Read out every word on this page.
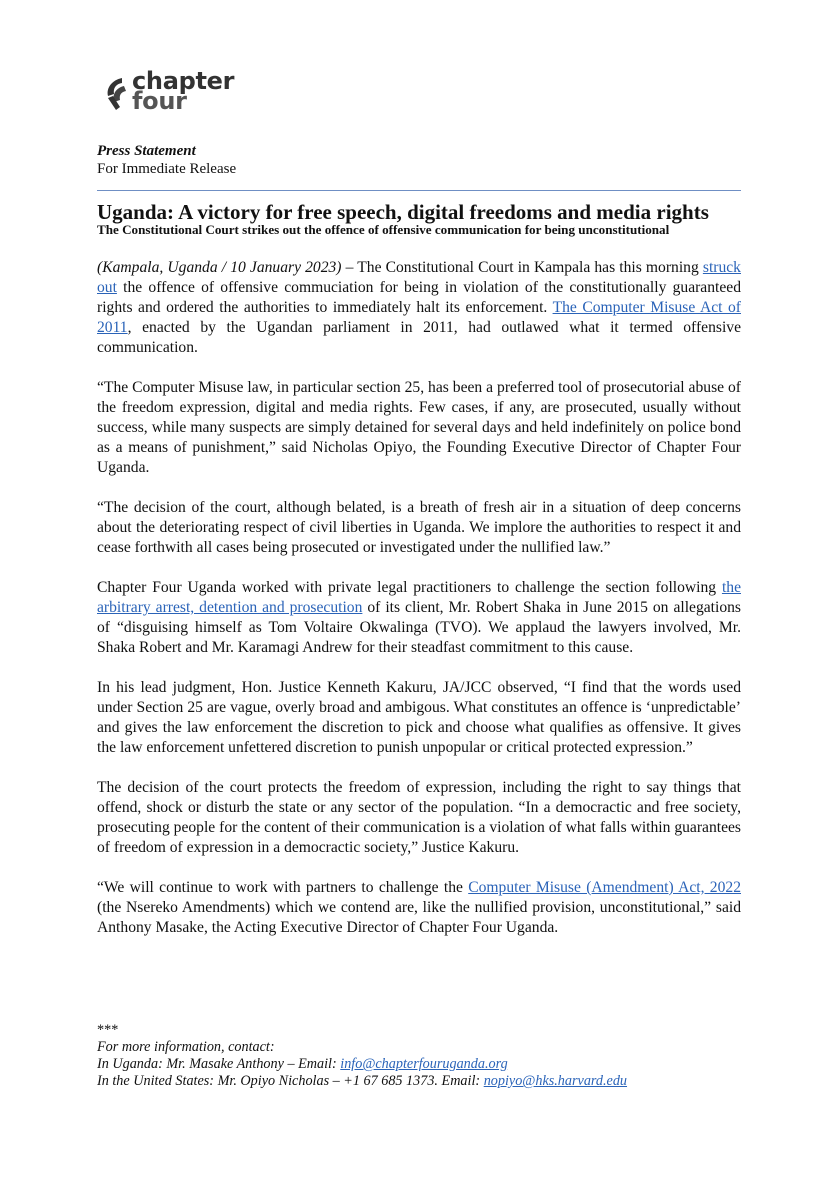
chapter
four
Press Statement
For Immediate Release
Uganda: A victory for free speech, digital freedoms and media rights
The Constitutional Court strikes out the offence of offensive communication for being unconstitutional

(Kampala, Uganda / 10 January 2023) – The Constitutional Court in Kampala has this morning struck out the offence of offensive commuciation for being in violation of the constitutionally guaranteed rights and ordered the authorities to immediately halt its enforcement. The Computer Misuse Act of 2011, enacted by the Ugandan parliament in 2011, had outlawed what it termed offensive communication.

“The Computer Misuse law, in particular section 25, has been a preferred tool of prosecutorial abuse of the freedom expression, digital and media rights. Few cases, if any, are prosecuted, usually without success, while many suspects are simply detained for several days and held indefinitely on police bond as a means of punishment,” said Nicholas Opiyo, the Founding Executive Director of Chapter Four Uganda.

“The decision of the court, although belated, is a breath of fresh air in a situation of deep concerns about the deteriorating respect of civil liberties in Uganda. We implore the authorities to respect it and cease forthwith all cases being prosecuted or investigated under the nullified law.”

Chapter Four Uganda worked with private legal practitioners to challenge the section following the arbitrary arrest, detention and prosecution of its client, Mr. Robert Shaka in June 2015 on allegations of “disguising himself as Tom Voltaire Okwalinga (TVO). We applaud the lawyers involved, Mr. Shaka Robert and Mr. Karamagi Andrew for their steadfast commitment to this cause.

In his lead judgment, Hon. Justice Kenneth Kakuru, JA/JCC observed, “I find that the words used under Section 25 are vague, overly broad and ambigous. What constitutes an offence is ‘unpredictable’ and gives the law enforcement the discretion to pick and choose what qualifies as offensive. It gives the law enforcement unfettered discretion to punish unpopular or critical protected expression.”

The decision of the court protects the freedom of expression, including the right to say things that offend, shock or disturb the state or any sector of the population. “In a democractic and free society, prosecuting people for the content of their communication is a violation of what falls within guarantees of freedom of expression in a democractic society,” Justice Kakuru.

“We will continue to work with partners to challenge the Computer Misuse (Amendment) Act, 2022 (the Nsereko Amendments) which we contend are, like the nullified provision, unconstitutional,” said Anthony Masake, the Acting Executive Director of Chapter Four Uganda.

***
For more information, contact:
In Uganda: Mr. Masake Anthony – Email: info@chapterfouruganda.org
In the United States: Mr. Opiyo Nicholas – +1 67 685 1373. Email: nopiyo@hks.harvard.edu
